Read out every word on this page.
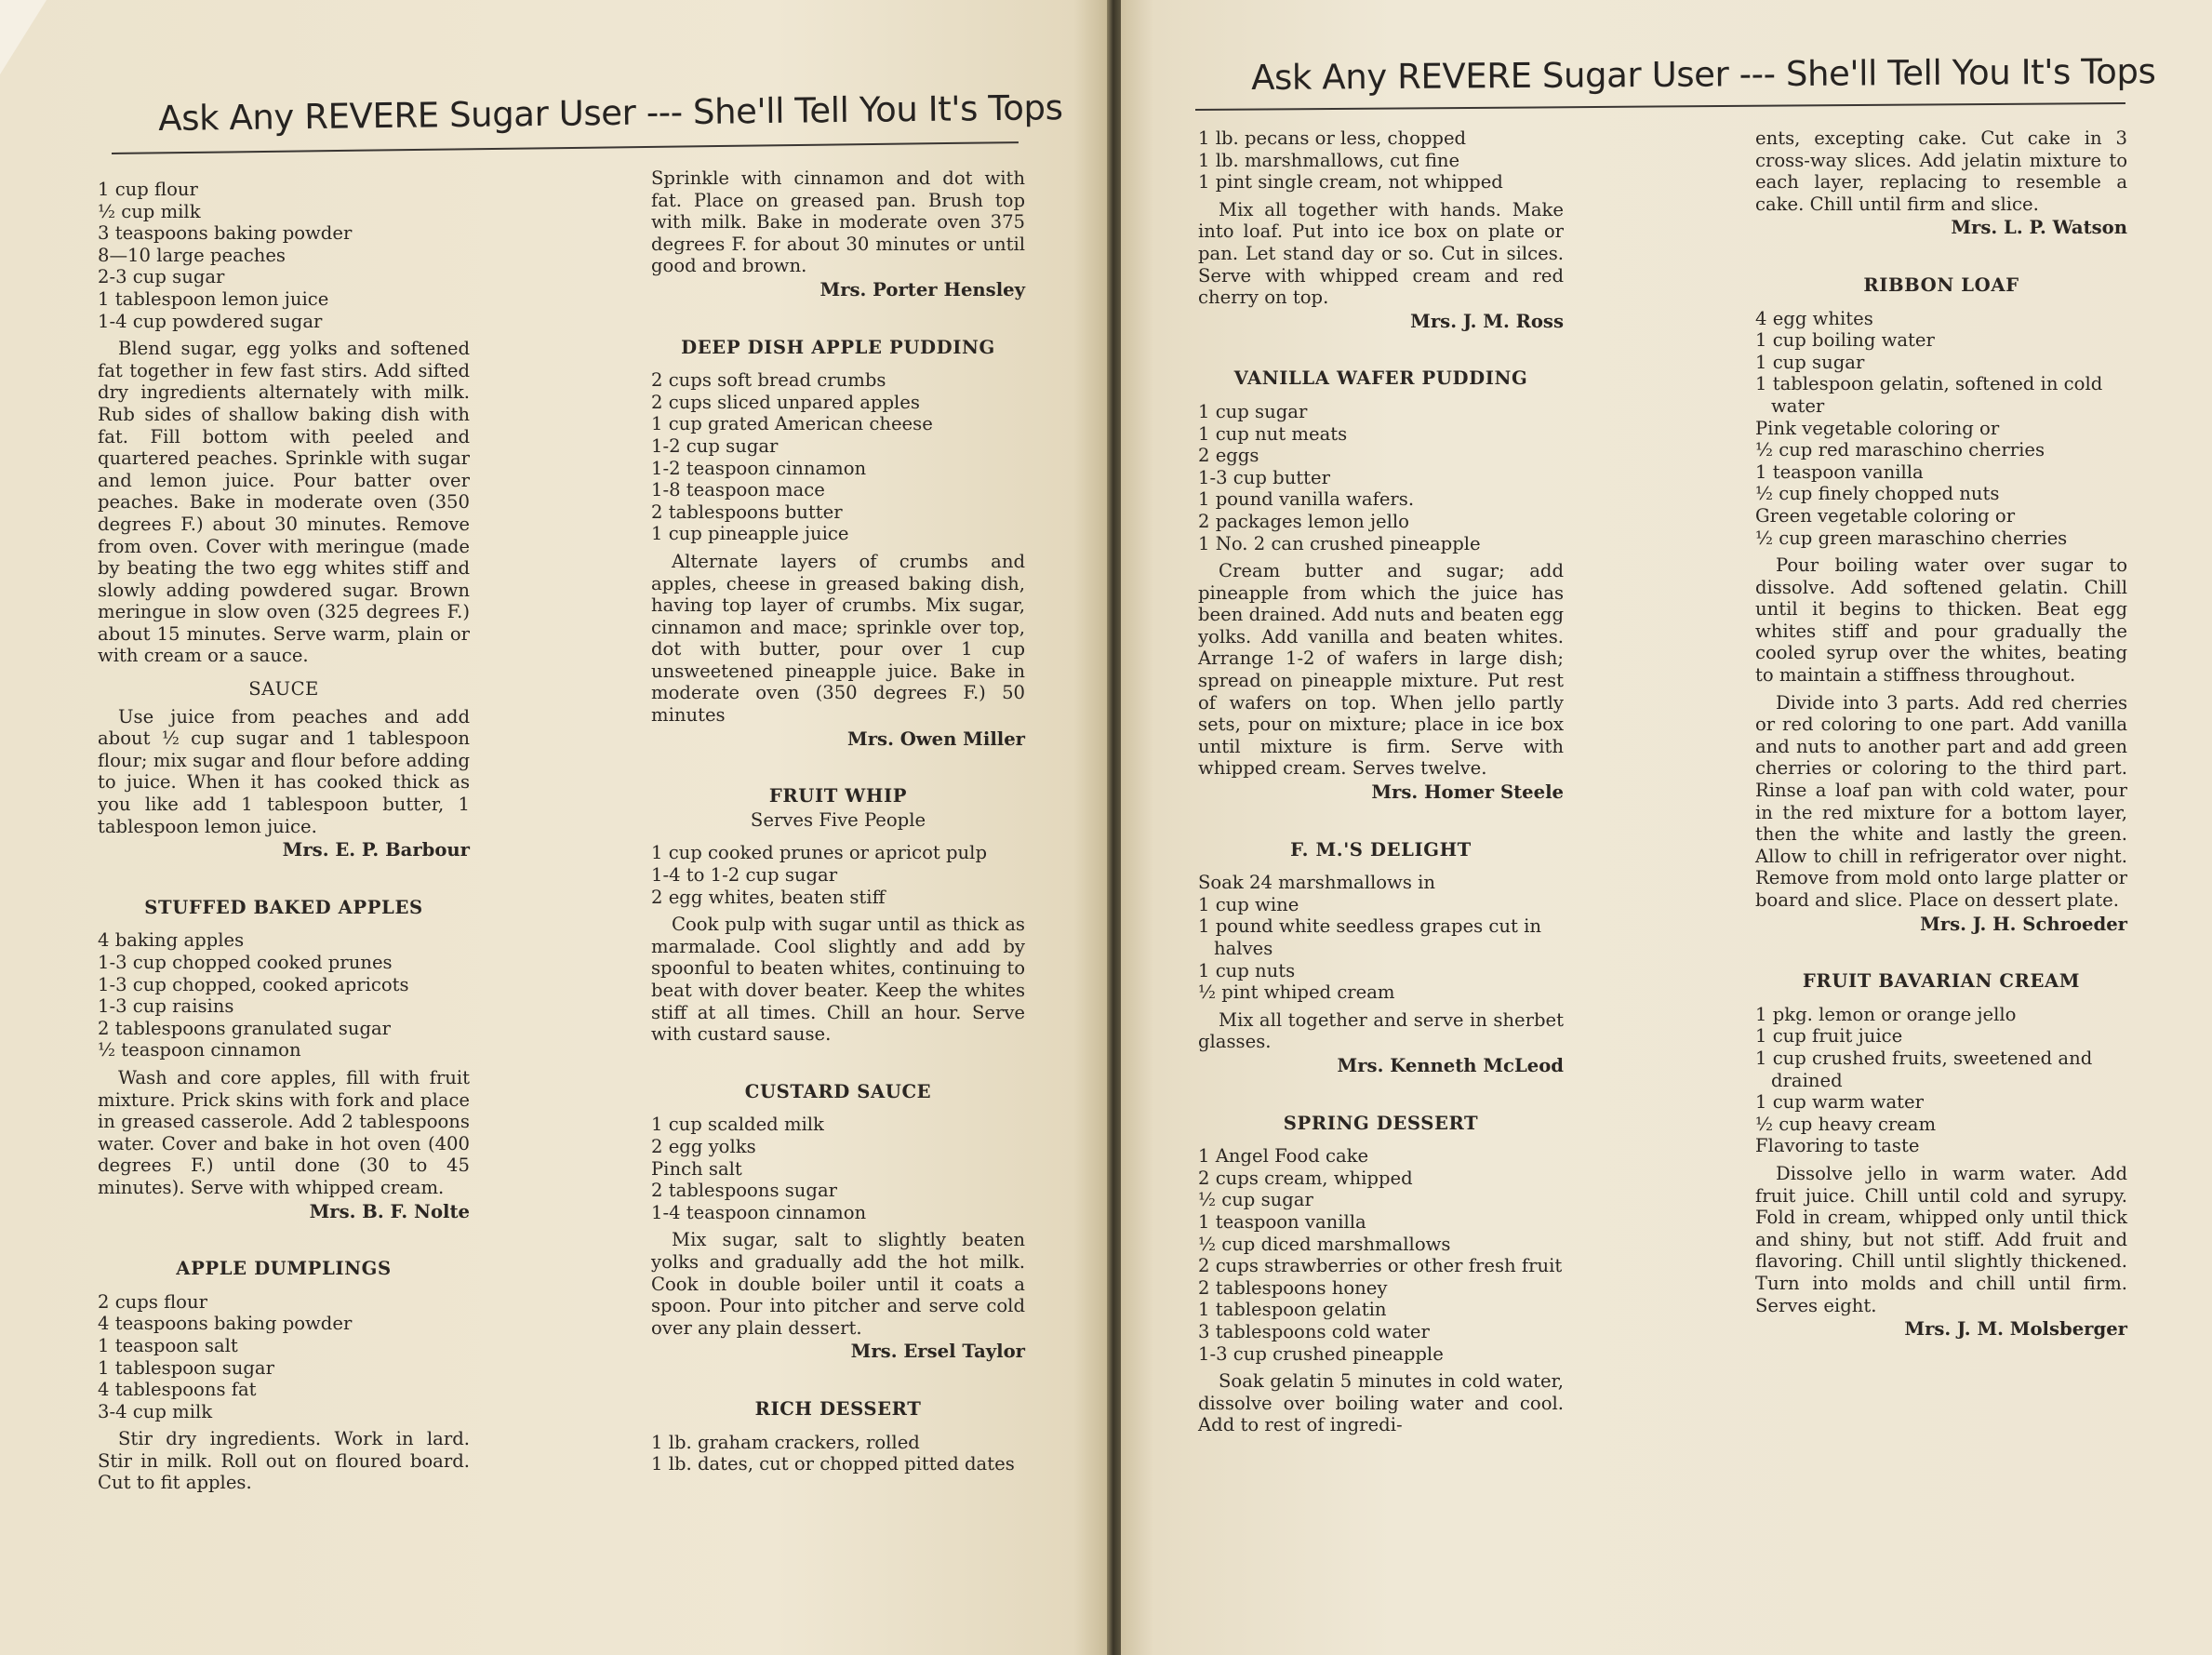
Ask Any REVERE Sugar User --- She'll Tell You It's Tops

1 cup flour

½ cup milk

3 teaspoons baking powder

8—10 large peaches

2-3 cup sugar

1 tablespoon lemon juice

1-4 cup powdered sugar

Blend sugar, egg yolks and softened fat together in few fast stirs. Add sifted dry ingredients alternately with milk. Rub sides of shallow baking dish with fat. Fill bottom with peeled and quartered peaches. Sprinkle with sugar and lemon juice. Pour batter over peaches. Bake in moderate oven (350 degrees F.) about 30 minutes. Remove from oven. Cover with meringue (made by beating the two egg whites stiff and slowly adding powdered sugar. Brown meringue in slow oven (325 degrees F.) about 15 minutes. Serve warm, plain or with cream or a sauce.

SAUCE

Use juice from peaches and add about ½ cup sugar and 1 tablespoon flour; mix sugar and flour before adding to juice. When it has cooked thick as you like add 1 tablespoon butter, 1 tablespoon lemon juice.

Mrs. E. P. Barbour

STUFFED BAKED APPLES

4 baking apples

1-3 cup chopped cooked prunes

1-3 cup chopped, cooked apricots

1-3 cup raisins

2 tablespoons granulated sugar

½ teaspoon cinnamon

Wash and core apples, fill with fruit mixture. Prick skins with fork and place in greased casserole. Add 2 tablespoons water. Cover and bake in hot oven (400 degrees F.) until done (30 to 45 minutes). Serve with whipped cream.

Mrs. B. F. Nolte

APPLE DUMPLINGS

2 cups flour

4 teaspoons baking powder

1 teaspoon salt

1 tablespoon sugar

4 tablespoons fat

3-4 cup milk

Stir dry ingredients. Work in lard. Stir in milk. Roll out on floured board. Cut to fit apples.

Sprinkle with cinnamon and dot with fat. Place on greased pan. Brush top with milk. Bake in moderate oven 375 degrees F. for about 30 minutes or until good and brown.

Mrs. Porter Hensley

DEEP DISH APPLE PUDDING

2 cups soft bread crumbs

2 cups sliced unpared apples

1 cup grated American cheese

1-2 cup sugar

1-2 teaspoon cinnamon

1-8 teaspoon mace

2 tablespoons butter

1 cup pineapple juice

Alternate layers of crumbs and apples, cheese in greased baking dish, having top layer of crumbs. Mix sugar, cinnamon and mace; sprinkle over top, dot with butter, pour over 1 cup unsweetened pineapple juice. Bake in moderate oven (350 degrees F.) 50 minutes

Mrs. Owen Miller

FRUIT WHIP

Serves Five People

1 cup cooked prunes or apricot pulp

1-4 to 1-2 cup sugar

2 egg whites, beaten stiff

Cook pulp with sugar until as thick as marmalade. Cool slightly and add by spoonful to beaten whites, continuing to beat with dover beater. Keep the whites stiff at all times. Chill an hour. Serve with custard sause.

CUSTARD SAUCE

1 cup scalded milk

2 egg yolks

Pinch salt

2 tablespoons sugar

1-4 teaspoon cinnamon

Mix sugar, salt to slightly beaten yolks and gradually add the hot milk. Cook in double boiler until it coats a spoon. Pour into pitcher and serve cold over any plain dessert.

Mrs. Ersel Taylor

RICH DESSERT

1 lb. graham crackers, rolled

1 lb. dates, cut or chopped pitted dates

Ask Any REVERE Sugar User --- She'll Tell You It's Tops

1 lb. pecans or less, chopped

1 lb. marshmallows, cut fine

1 pint single cream, not whipped

Mix all together with hands. Make into loaf. Put into ice box on plate or pan. Let stand day or so. Cut in silces. Serve with whipped cream and red cherry on top.

Mrs. J. M. Ross

VANILLA WAFER PUDDING

1 cup sugar

1 cup nut meats

2 eggs

1-3 cup butter

1 pound vanilla wafers.

2 packages lemon jello

1 No. 2 can crushed pineapple

Cream butter and sugar; add pineapple from which the juice has been drained. Add nuts and beaten egg yolks. Add vanilla and beaten whites. Arrange 1-2 of wafers in large dish; spread on pineapple mixture. Put rest of wafers on top. When jello partly sets, pour on mixture; place in ice box until mixture is firm. Serve with whipped cream. Serves twelve.

Mrs. Homer Steele

F. M.'S DELIGHT

Soak 24 marshmallows in

1 cup wine

1 pound white seedless grapes cut in halves

1 cup nuts

½ pint whiped cream

Mix all together and serve in sherbet glasses.

Mrs. Kenneth McLeod

SPRING DESSERT

1 Angel Food cake

2 cups cream, whipped

½ cup sugar

1 teaspoon vanilla

½ cup diced marshmallows

2 cups strawberries or other fresh fruit

2 tablespoons honey

1 tablespoon gelatin

3 tablespoons cold water

1-3 cup crushed pineapple

Soak gelatin 5 minutes in cold water, dissolve over boiling water and cool. Add to rest of ingredi-

ents, excepting cake. Cut cake in 3 cross-way slices. Add jelatin mixture to each layer, replacing to resemble a cake. Chill until firm and slice.

Mrs. L. P. Watson

RIBBON LOAF

4 egg whites

1 cup boiling water

1 cup sugar

1 tablespoon gelatin, softened in cold water

Pink vegetable coloring or

½ cup red maraschino cherries

1 teaspoon vanilla

½ cup finely chopped nuts

Green vegetable coloring or

½ cup green maraschino cherries

Pour boiling water over sugar to dissolve. Add softened gelatin. Chill until it begins to thicken. Beat egg whites stiff and pour gradually the cooled syrup over the whites, beating to maintain a stiffness throughout.

Divide into 3 parts. Add red cherries or red coloring to one part. Add vanilla and nuts to another part and add green cherries or coloring to the third part. Rinse a loaf pan with cold water, pour in the red mixture for a bottom layer, then the white and lastly the green. Allow to chill in refrigerator over night. Remove from mold onto large platter or board and slice. Place on dessert plate.

Mrs. J. H. Schroeder

FRUIT BAVARIAN CREAM

1 pkg. lemon or orange jello

1 cup fruit juice

1 cup crushed fruits, sweetened and drained

1 cup warm water

½ cup heavy cream

Flavoring to taste

Dissolve jello in warm water. Add fruit juice. Chill until cold and syrupy. Fold in cream, whipped only until thick and shiny, but not stiff. Add fruit and flavoring. Chill until slightly thickened. Turn into molds and chill until firm. Serves eight.

Mrs. J. M. Molsberger
